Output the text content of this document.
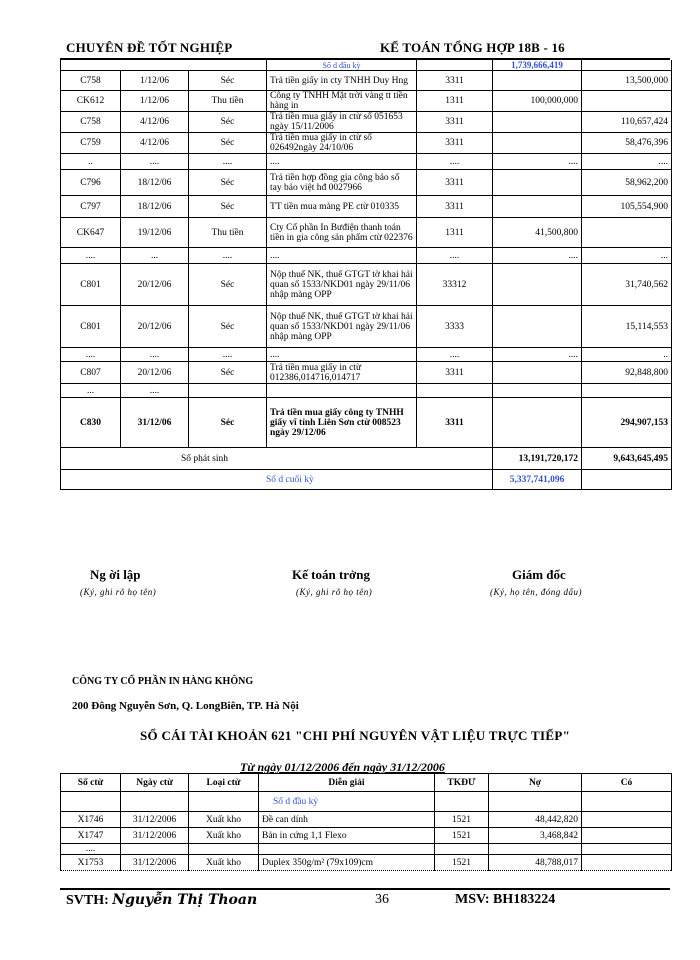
CHUYÊN ĐỀ TỐT NGHIỆP	KẾ TOÁN TỔNG HỢP 18B - 16
			Số d đầu kỳ		1,739,666,419	
C758	1/12/06	Séc	Trả tiền giấy in cty TNHH Duy Hng	3311		13,500,000
CK612	1/12/06	Thu tiền	Công ty TNHH Mặt trời vàng tt tiền hàng in	1311	100,000,000	
C758	4/12/06	Séc	Trả tiền mua giấy in ctừ số 051653 ngày 15/11/2006	3311		110,657,424
C759	4/12/06	Séc	Trả tiền mua giấy in ctừ số 026492ngày 24/10/06	3311		58,476,396
..	....	....	....	....	....	....
C796	18/12/06	Séc	Trả tiền hợp đồng gia công bảo số tay bảo việt hđ 0027966	3311		58,962,200
C797	18/12/06	Séc	TT tiền mua màng PE ctừ 010335	3311		105,554,900
CK647	19/12/06	Thu tiền	Cty Cổ phần In Bưđiện thanh toán tiền in gia công sản phẩm ctừ 022376	1311	41,500,800	
....	...	....	....	....	....	...
C801	20/12/06	Séc	Nộp thuế NK, thuế GTGT tờ khai hải quan số 1533/NKD01 ngày 29/11/06 nhập màng OPP	33312		31,740,562
C801	20/12/06	Séc	Nộp thuế NK, thuế GTGT tờ khai hải quan số 1533/NKD01 ngày 29/11/06 nhập màng OPP	3333		15,114,553
....	....	....	....	....	....	..
C807	20/12/06	Séc	Trả tiền mua giấy in ctừ 012386,014716,014717	3311		92,848,800
...	....					
C830	31/12/06	Séc	Trả tiền mua giấy công ty TNHH giấy vĩ tỉnh Liên Sơn ctừ 008523 ngày 29/12/06	3311		294,907,153
Số phát sinh					13,191,720,172	9,643,645,495
Số d cuối kỳ					5,337,741,096	
Ng ời lập
(Ký, ghi rõ họ tên)
Kế toán trởng
(Ký, ghi rõ họ tên)
Giám đốc
(Ký, họ tên, đóng dấu)
CÔNG TY CỔ PHẦN IN HÀNG KHÔNG
200 Đông Nguyễn Sơn, Q. LongBiên, TP. Hà Nội
SỔ CÁI TÀI KHOẢN 621 "CHI PHÍ NGUYÊN VẬT LIỆU TRỰC TIẾP"
Từ ngày 01/12/2006 đến ngày 31/12/2006
Số ctừ	Ngày ctừ	Loại ctừ	Diễn giải	TKĐƯ	Nợ	Có
			Số d đầu kỳ			
X1746	31/12/2006	Xuất kho	Đề can dính	1521	48,442,820	
X1747	31/12/2006	Xuất kho	Bản in cứng 1,1 Flexo	1521	3,468,842	
....						
X1753	31/12/2006	Xuất kho	Duplex 350g/m² (79x109)cm	1521	48,788,017	
SVTH: Nguyễn Thị Thoan	36	MSV: BH183224
